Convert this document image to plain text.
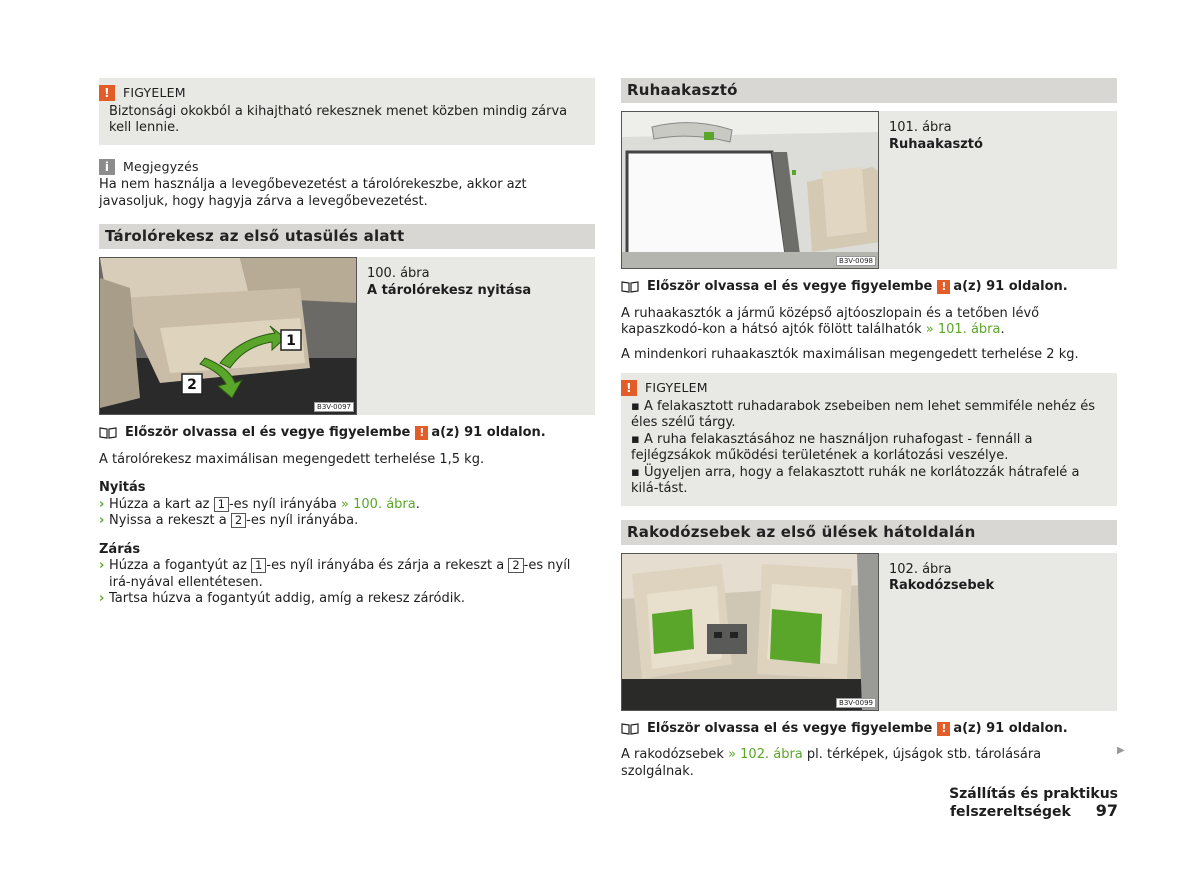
!	FIGYELEM
Biztonsági okokból a kihajtható rekesznek menet közben mindig zárva kell lennie.
i	Megjegyzés
Ha nem használja a levegőbevezetést a tárolórekeszbe, akkor azt javasoljuk, hogy hagyja zárva a levegőbevezetést.
Tárolórekesz az első utasülés alatt
1
2
B3V-0097
100. ábra
A tárolórekesz nyitása
Először olvassa el és vegye figyelembe ! a(z) 91 oldalon.

A tárolórekesz maximálisan megengedett terhelése 1,5 kg.

Nyitás
› Húzza a kart az 1 -es nyíl irányába » 100. ábra.
› Nyissa a rekeszt a 2 -es nyíl irányába.
Zárás
› Húzza a fogantyút az 1 -es nyíl irányába és zárja a rekeszt a 2 -es nyíl irá-nyával ellentétesen.
› Tartsa húzva a fogantyút addig, amíg a rekesz záródik.
Ruhaakasztó
B3V-0098
101. ábra
Ruhaakasztó
Először olvassa el és vegye figyelembe ! a(z) 91 oldalon.

A ruhaakasztók a jármű középső ajtóoszlopain és a tetőben lévő kapaszkodó-kon a hátsó ajtók fölött találhatók » 101. ábra.

A mindenkori ruhaakasztók maximálisan megengedett terhelése 2 kg.

!	FIGYELEM
▪ A felakasztott ruhadarabok zsebeiben nem lehet semmiféle nehéz és éles szélű tárgy.
▪ A ruha felakasztásához ne használjon ruhafogast - fennáll a fejlégzsákok működési területének a korlátozási veszélye.
▪ Ügyeljen arra, hogy a felakasztott ruhák ne korlátozzák hátrafelé a kilá-tást.
Rakodózsebek az első ülések hátoldalán
B3V-0099
102. ábra
Rakodózsebek
Először olvassa el és vegye figyelembe ! a(z) 91 oldalon.

A rakodózsebek » 102. ábra pl. térképek, újságok stb. tárolására szolgálnak.

▶
Szállítás és praktikus felszereltségek 97
